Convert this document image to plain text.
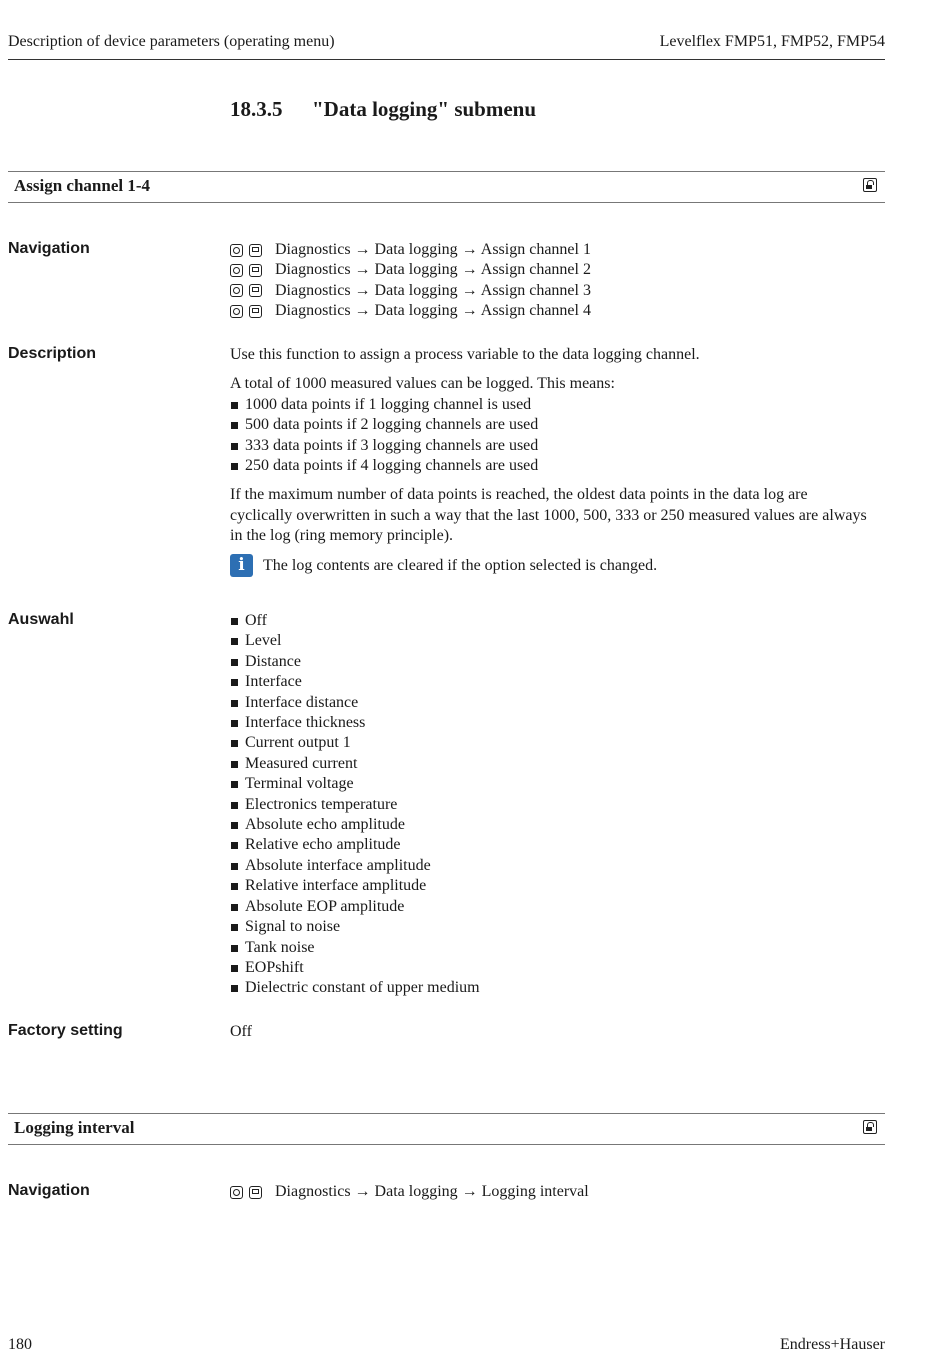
Description of device parameters (operating menu)	Levelflex FMP51, FMP52, FMP54
18.3.5 "Data logging" submenu
Assign channel 1-4
Navigation	Diagnostics → Data logging → Assign channel 1
Diagnostics → Data logging → Assign channel 2
Diagnostics → Data logging → Assign channel 3
Diagnostics → Data logging → Assign channel 4
Description	Use this function to assign a process variable to the data logging channel.

A total of 1000 measured values can be logged. This means:

1000 data points if 1 logging channel is used
500 data points if 2 logging channels are used
333 data points if 3 logging channels are used
250 data points if 4 logging channels are used

If the maximum number of data points is reached, the oldest data points in the data log are cyclically overwritten in such a way that the last 1000, 500, 333 or 250 measured values are always in the log (ring memory principle).

i	The log contents are cleared if the option selected is changed.
Auswahl	Off
Level
Distance
Interface
Interface distance
Interface thickness
Current output 1
Measured current
Terminal voltage
Electronics temperature
Absolute echo amplitude
Relative echo amplitude
Absolute interface amplitude
Relative interface amplitude
Absolute EOP amplitude
Signal to noise
Tank noise
EOPshift
Dielectric constant of upper medium
Factory setting	Off
Logging interval
Navigation	Diagnostics → Data logging → Logging interval
180	Endress+Hauser
